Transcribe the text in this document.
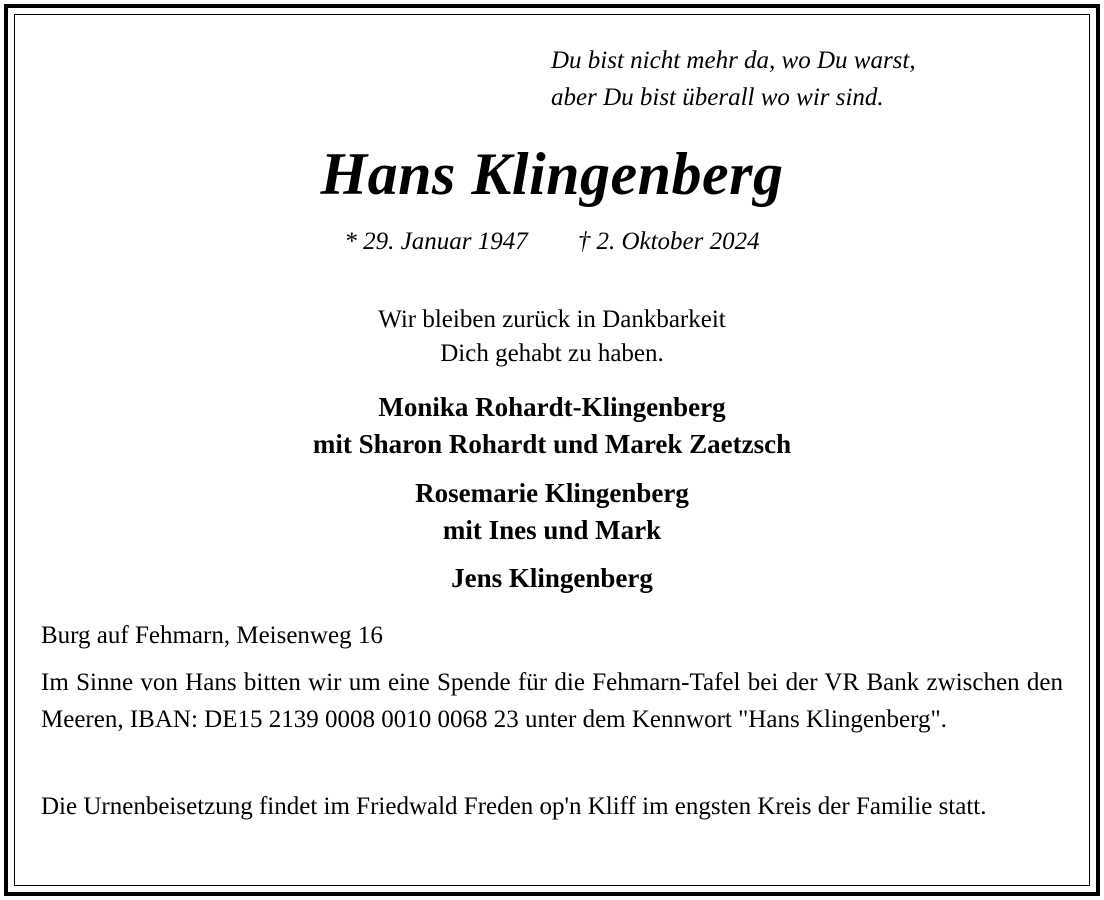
Du bist nicht mehr da, wo Du warst,
aber Du bist überall wo wir sind.
Hans Klingenberg
* 29. Januar 1947 † 2. Oktober 2024
Wir bleiben zurück in Dankbarkeit
Dich gehabt zu haben.
Monika Rohardt-Klingenberg
mit Sharon Rohardt und Marek Zaetzsch
Rosemarie Klingenberg
mit Ines und Mark
Jens Klingenberg
Burg auf Fehmarn, Meisenweg 16
Im Sinne von Hans bitten wir um eine Spende für die Fehmarn-Tafel bei der VR Bank zwischen den Meeren, IBAN: DE15 2139 0008 0010 0068 23 unter dem Kennwort "Hans Klingenberg".
Die Urnenbeisetzung findet im Friedwald Freden op'n Kliff im engsten Kreis der Familie statt.
